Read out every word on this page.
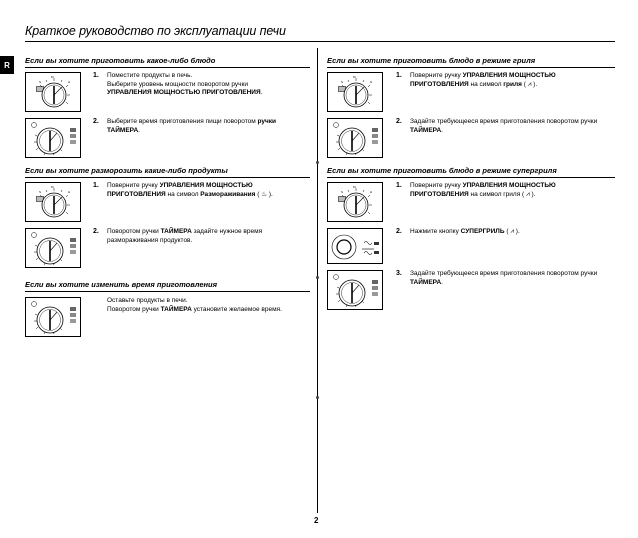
Краткое руководство по эксплуатации печи
R	Если вы хотите приготовить какое-либо блюдо
1. Поместите продукты в печь.
Выберите уровень мощности поворотом ручки
УПРАВЛЕНИЯ МОЩНОСТЬЮ ПРИГОТОВЛЕНИЯ.
2. Выберите время приготовления пищи поворотом ручки ТАЙМЕРА.
Если вы хотите разморозить какие-либо продукты
1. Поверните ручку УПРАВЛЕНИЯ МОЩНОСТЬЮ ПРИГОТОВЛЕНИЯ на символ Размораживания ( ♨ ).
2. Поворотом ручки ТАЙМЕРА задайте нужное время размораживания продуктов.
Если вы хотите изменить время приготовления
Оставьте продукты в печи.
Поворотом ручки ТАЙМЕРА установите желаемое время.
Если вы хотите приготовить блюдо в режиме гриля
1. Поверните ручку УПРАВЛЕНИЯ МОЩНОСТЬЮ ПРИГОТОВЛЕНИЯ на символ гриля ( ⩘ ).
2. Задайте требующееся время приготовления поворотом ручки ТАЙМЕРА.
Если вы хотите приготовить блюдо в режиме супергриля
1. Поверните ручку УПРАВЛЕНИЯ МОЩНОСТЬЮ ПРИГОТОВЛЕНИЯ на символ гриля ( ⩘ ).
2. Нажмите кнопку СУПЕРГРИЛЬ ( ⩘ ).
3. Задайте требующееся время приготовления поворотом ручки ТАЙМЕРА.
2
